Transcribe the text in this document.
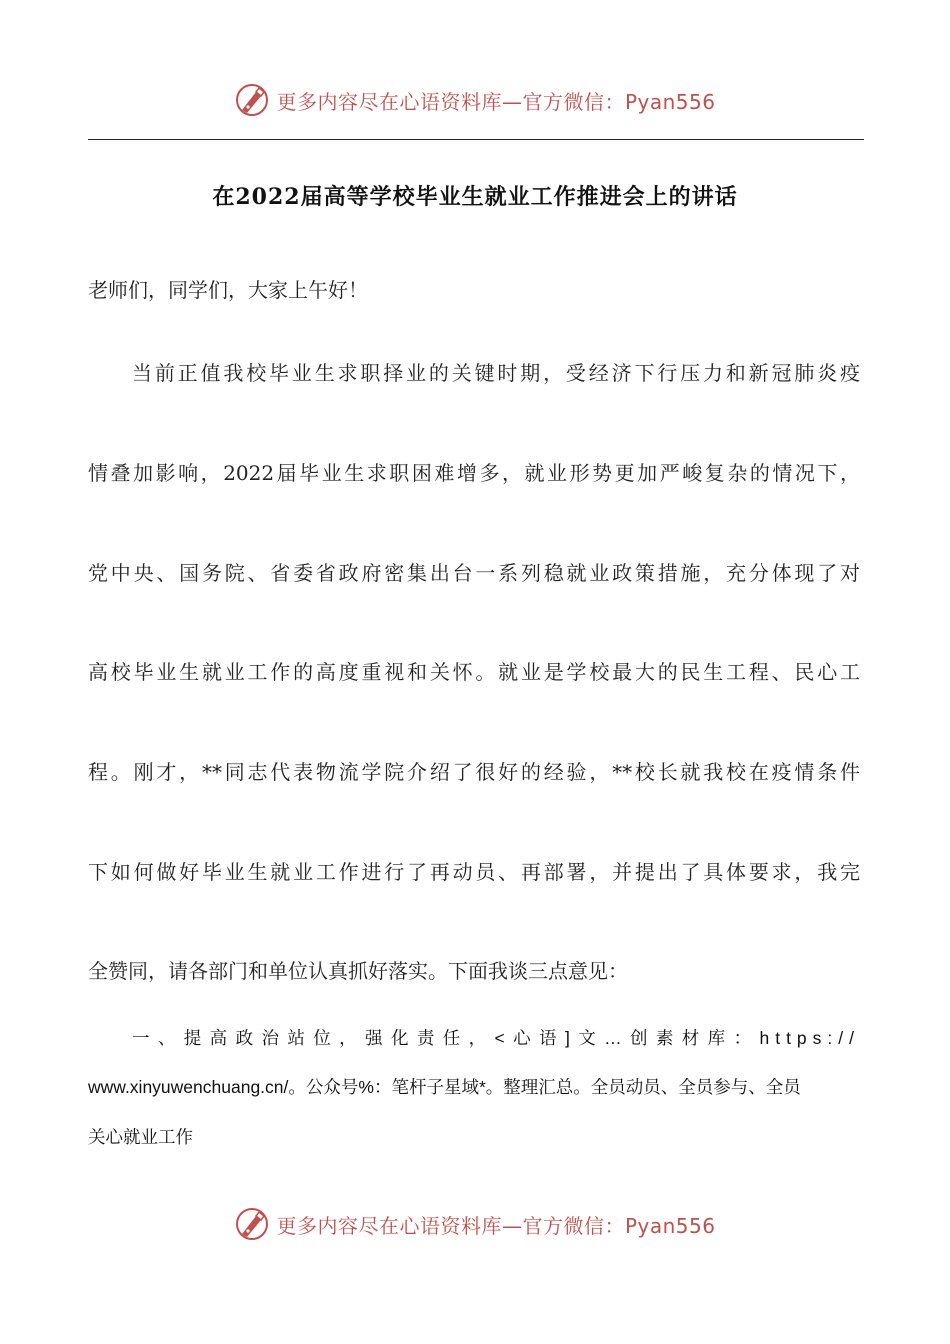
更多内容尽在心语资料库—官方微信：Pyan556
在2022届高等学校毕业生就业工作推进会上的讲话
老师们，同学们，大家上午好！
当前正值我校毕业生求职择业的关键时期，受经济下行压力和新冠肺炎疫
情叠加影响，2022届毕业生求职困难增多，就业形势更加严峻复杂的情况下，
党中央、国务院、省委省政府密集出台一系列稳就业政策措施，充分体现了对
高校毕业生就业工作的高度重视和关怀。就业是学校最大的民生工程、民心工
程。刚才，**同志代表物流学院介绍了很好的经验，**校长就我校在疫情条件
下如何做好毕业生就业工作进行了再动员、再部署，并提出了具体要求，我完
全赞同，请各部门和单位认真抓好落实。下面我谈三点意见：
一、提高政治站位，强化责任，<心语]文…创素材库：https://
www.xinyuwenchuang.cn/。公众号%：笔杆子星域*。整理汇总。全员动员、全员参与、全员
关心就业工作
更多内容尽在心语资料库—官方微信：Pyan556
